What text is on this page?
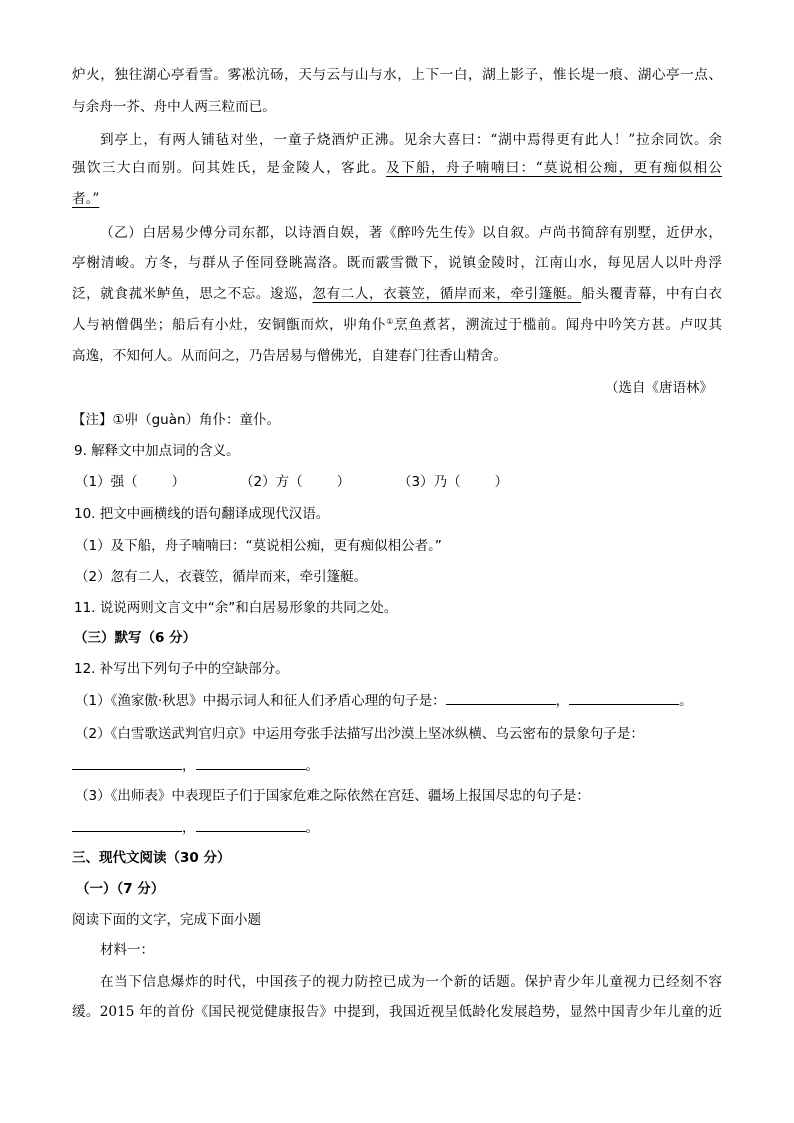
炉火，独往湖心亭看雪。雾凇沆砀，天与云与山与水，上下一白，湖上影子，惟长堤一痕、湖心亭一点、
与余舟一芥、舟中人两三粒而已。
到亭上，有两人铺毡对坐，一童子烧酒炉正沸。见余大喜曰：“湖中焉得更有此人！”拉余同饮。余
强饮三大白而别。问其姓氏，是金陵人，客此。及下船，舟子喃喃曰：“莫说相公痴，更有痴似相公
者。”
（乙）白居易少傅分司东都，以诗酒自娱，著《醉吟先生传》以自叙。卢尚书简辞有别墅，近伊水，
亭榭清峻。方冬，与群从子侄同登眺嵩洛。既而霰雪微下，说镇金陵时，江南山水，每见居人以叶舟浮
泛，就食菰米鲈鱼，思之不忘。逡巡，忽有二人，衣蓑笠，循岸而来，牵引篷艇。船头覆青幕，中有白衣
人与衲僧偶坐；船后有小灶，安铜甑而炊，丱角仆①烹鱼煮茗，溯流过于槛前。闻舟中吟笑方甚。卢叹其
高逸，不知何人。从而问之，乃告居易与僧佛光，自建春门往香山精舍。
（选自《唐语林》
【注】①丱（guàn）角仆：童仆。
9. 解释文中加点词的含义。
（1）强（	）	（2）方（	）	（3）乃（	）
10. 把文中画横线的语句翻译成现代汉语。
（1）及下船，舟子喃喃曰：“莫说相公痴，更有痴似相公者。”
（2）忽有二人，衣蓑笠，循岸而来，牵引篷艇。
11. 说说两则文言文中“余”和白居易形象的共同之处。
（三）默写（6 分）
12. 补写出下列句子中的空缺部分。
（1）《渔家傲·秋思》中揭示词人和征人们矛盾心理的句子是：	，	。
（2）《白雪歌送武判官归京》中运用夸张手法描写出沙漠上坚冰纵横、乌云密布的景象句子是：
，	。
（3）《出师表》中表现臣子们于国家危难之际依然在宫廷、疆场上报国尽忠的句子是：
，	。
三、现代文阅读（30 分）
（一）（7 分）
阅读下面的文字，完成下面小题
材料一：
在当下信息爆炸的时代，中国孩子的视力防控已成为一个新的话题。保护青少年儿童视力已经刻不容
缓。2015 年的首份《国民视觉健康报告》中提到，我国近视呈低龄化发展趋势，显然中国青少年儿童的近
